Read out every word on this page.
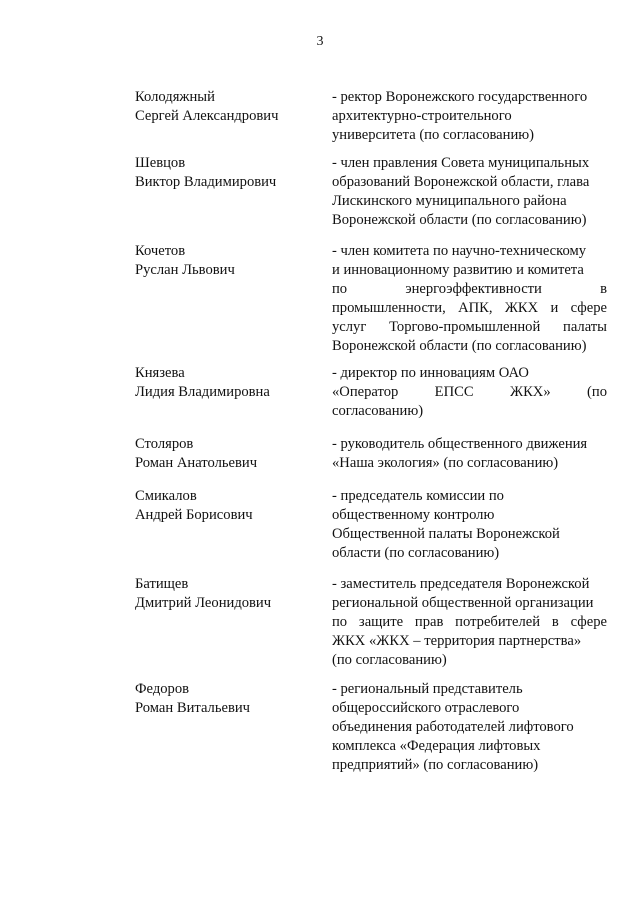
3
Колодяжный
Сергей Александрович
- ректор Воронежского государственного
архитектурно-строительного
университета (по согласованию)
Шевцов
Виктор Владимирович
- член правления Совета муниципальных
образований Воронежской области, глава
Лискинского муниципального района
Воронежской области (по согласованию)
Кочетов
Руслан Львович
- член комитета по научно-техническому
и инновационному развитию и комитета
по энергоэффективности в
промышленности, АПК, ЖКХ и сфере
услуг Торгово-промышленной палаты
Воронежской области (по согласованию)
Князева
Лидия Владимировна
- директор по инновациям ОАО
«Оператор ЕПСС ЖКХ» (по
согласованию)
Столяров
Роман Анатольевич
- руководитель общественного движения
«Наша экология» (по согласованию)
Смикалов
Андрей Борисович
- председатель комиссии по
общественному контролю
Общественной палаты Воронежской
области (по согласованию)
Батищев
Дмитрий Леонидович
- заместитель председателя Воронежской
региональной общественной организации
по защите прав потребителей в сфере
ЖКХ «ЖКХ – территория партнерства»
(по согласованию)
Федоров
Роман Витальевич
- региональный представитель
общероссийского отраслевого
объединения работодателей лифтового
комплекса «Федерация лифтовых
предприятий» (по согласованию)
